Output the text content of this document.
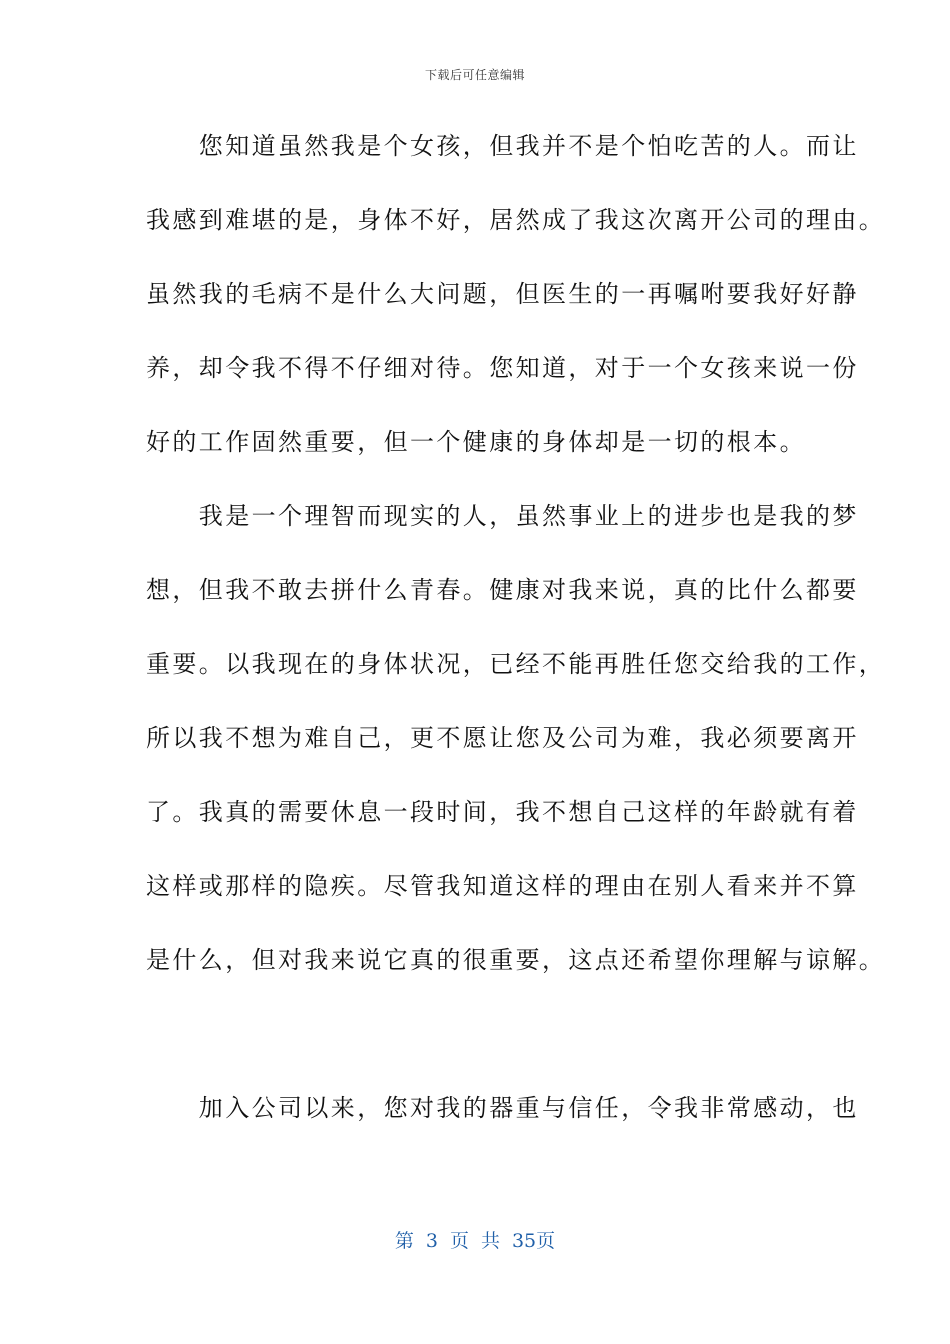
下载后可任意编辑
　　您知道虽然我是个女孩，但我并不是个怕吃苦的人。而让
我感到难堪的是，身体不好，居然成了我这次离开公司的理由。
虽然我的毛病不是什么大问题，但医生的一再嘱咐要我好好静
养，却令我不得不仔细对待。您知道，对于一个女孩来说一份
好的工作固然重要，但一个健康的身体却是一切的根本。
　　我是一个理智而现实的人，虽然事业上的进步也是我的梦
想，但我不敢去拼什么青春。健康对我来说，真的比什么都要
重要。以我现在的身体状况，已经不能再胜任您交给我的工作，
所以我不想为难自己，更不愿让您及公司为难，我必须要离开
了。我真的需要休息一段时间，我不想自己这样的年龄就有着
这样或那样的隐疾。尽管我知道这样的理由在别人看来并不算
是什么，但对我来说它真的很重要，这点还希望你理解与谅解。
　　加入公司以来，您对我的器重与信任，令我非常感动，也
第 3 页 共 35页
